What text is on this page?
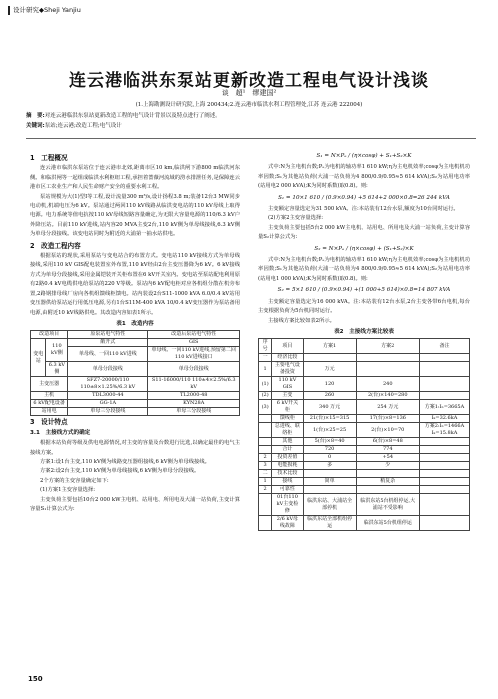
设计研究◆Sheji Yanjiu
连云港临洪东泵站更新改造工程电气设计浅谈
谈　超¹　缪建国²
(1.上海勘测设计研究院,上海 200434;2.连云港市临洪水利工程管理处,江苏 连云港 222004)
摘　要:对连云港临洪东泵站更新改造工程的电气设计背景以及特点进行了阐述。
关键词:泵站;连云港;改造工程;电气设计
1　工程概况

连云港市临洪东泵站位于连云港市北郊,距离市区10 km,临洪闸下游800 m临洪河东侧。和临洪闸等一起组成临洪水利枢纽工程,承担着蔷薇河流域的涝水排泄任务,是保障连云港市区工农业生产和人民生命财产安全的重要水利工程。

泵站规模为大(1)型Ⅰ等工程,设计流量300 m³/s,设计扬程3.8 m;装备12台3 MW同步电动机,机端电压为6 kV。泵站通过两回110 kV线路从临洪变电站的110 kV母线上取得电源。电力系统等值电抗按110 kV母线短路容量确定,为无限大容量电源的110/6.3 kV户外降压站。目前110 kV进线,站内容20 MVA主变2台,110 kV侧为单母线接线,6.3 kV侧为单母分段接线。该变电站同时为附近的大浦第一抽水站供电。

2　改造工程内容

根据泵站的现状,采用泵站与变电站合的布置方式。变电站110 kV接线方式为单母线接线,采用110 kV GIS配电装置室外布置,110 kV经由2台主变压器降为6 kV。6 kV接线方式为单母分段接线,采用金属铠装开关柜布置在6 kV开关室内。变电站至泵站配电利用原有2路0.4 kV电缆供电给泵站的220 V等级。泵站内6 kV配电柜对应各机组分散在机旁布置,2路钢排母线厂房向各机组馈线柜馈电。站内装设2台S11-1000 kVA 6.0/0.4 kV站用变压器供给泵站运行用低压电源,另有1台S11M-400 kVA 10/0.4 kV变压器作为泵站备用电源,由附近10 kV线路供电。其改造内容如表1所示。

表1　改造内容
改造项目		原泵站电气特性	改造后泵站电气特性
变电站	110 kV侧	敞开式	GIS
		单母线、一回110 kV进线	单母线、一回110 kV进线,预留第二回110 kV进线接口
	6.3 kV侧	单母分段接线	单母分段接线
主变压器		SFZ7-20000/110 110±8×1.25%/6.3 kV	S11-16000/110 110±4×2.5%/6.3 kV
主机		TDL3000-44	TL2000-48
6 kV配电设备		GG-1A	KYN28A
站用电		单母三分段接线	单母三分段接线
3　设计特点
3.1　主接线方式的确定

根据本站负荷等级及供电电源情况,对主变的容量及台数进行比选,以确定最佳的电气主接线方案。

方案1:设1台主变,110 kV侧为线路变压器组接线,6 kV侧为单母线接线。

方案2:设2台主变,110 kV侧为单母线接线,6 kV侧为单母分段接线。

2个方案的主变容量确定如下:

(1)方案1主变容量选择:

主变负荷主要包括10台2 000 kW主电机、站用电、所用电及大浦一站负荷,主变计算容量S₁计算公式为:

S₁ = N×Pₑ / (η×cosφ) + S₁+S₂×K

式中:N为主电机台数;Pₑ为电机的轴功率1 610 kW;η为主电机效率;cosφ为主电机机功率因数;S₁为其他站负荷(大浦一站负荷为4 800/0.9/0.95≈5 614 kVA);S₂为站用电功率(站用电2 000 kVA);K为同时系数(取0.8)。则:

S₁ = 10×1 610 / (0.9×0.94) +5 614+2 000×0.8=26 244 kVA

主变额定容量选定为31 500 kVA。注:本站装有12台水泵,额度为10台同时运行。

(2)方案2主变容量选择:

主变负荷主要包括5台2 000 kW主电机、站用电、所用电及大浦一站负荷,主变计算容量S₂计算公式为:

S₂ = N×Pₑ / (η×cosφ) + (S₁+S₂)×K

式中:N为主电机台数;Pₑ为电机的轴功率1 610 kW;η为主电机效率;cosφ为主电机机功率因数;S₁为其他站负荷(大浦一站负荷为4 800/0.9/0.95≈5 614 kVA);S₂为站用电功率(站用电1 000 kVA);K为同时系数(取0.8)。则:

S₂ = 5×1 610 / (0.9×0.94) +(1 000+5 614)×0.8=14 807 kVA

主变额定容量选定为16 000 kVA。注:本站装有12台水泵,2台主变各带6台电机,每台主变根据负荷为5台机同时运行。

主接线方案比较如表2所示。

表2　主接线方案比较表
序号	项目	方案1	方案2	备注
一	经济比较			
1	主要电气设备投资	万元		
(1)	110 kV GIS	120	240	
(2)	主变	260	2(台)×140=280	
(3)	6 kV开关柜	340 万元	254 万元	方案1:Iₙ=3665A
	馈线柜	21(台)×15=315	17(台)×8=136	Iₖ=32.6kA
	总进线、联络柜	1(台)×25=25	2(台)×10=70	方案2:Iₙ=1466A Iₖ=15.8kA
	其他	5(台)×8=40	6(台)×8=48	
	合计	720	774	
2	投资差值	0	+54	
3	电能损耗	多	少	
二	技术比较			
1	接线	简单	稍复杂	
2	可靠性			
	01台110 kV主变检修	临洪东站、大浦站全部停机	临洪东站5台机组停运,大浦站不受影响	
	2/6 kV母线故障	临洪东站全部机组停运	临洪东站5台机组停运	
150
